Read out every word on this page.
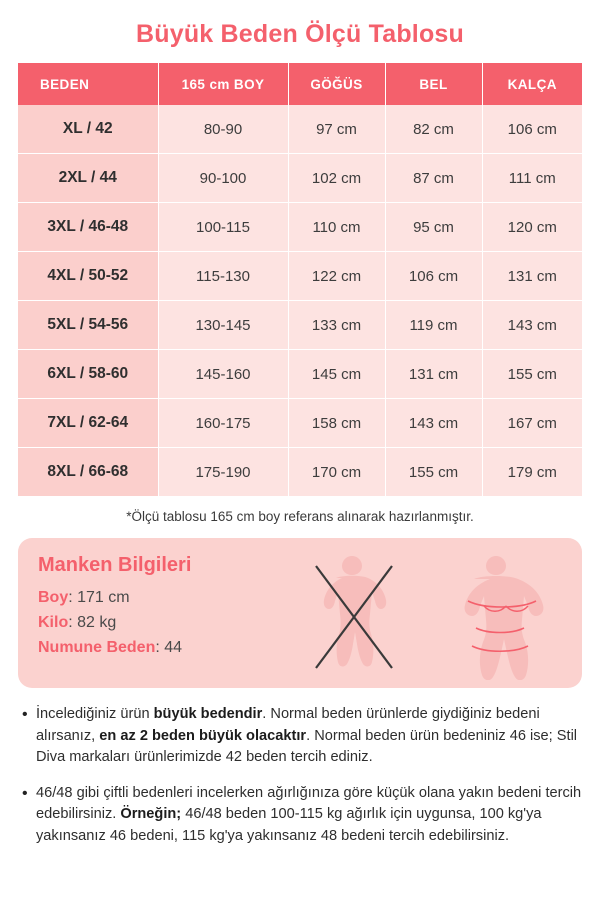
Büyük Beden Ölçü Tablosu
BEDEN	165 cm BOY	GÖĞÜS	BEL	KALÇA
XL / 42	80-90	97 cm	82 cm	106 cm
2XL / 44	90-100	102 cm	87 cm	111 cm
3XL / 46-48	100-115	110 cm	95 cm	120 cm
4XL / 50-52	115-130	122 cm	106 cm	131 cm
5XL / 54-56	130-145	133 cm	119 cm	143 cm
6XL / 58-60	145-160	145 cm	131 cm	155 cm
7XL / 62-64	160-175	158 cm	143 cm	167 cm
8XL / 66-68	175-190	170 cm	155 cm	179 cm
*Ölçü tablosu 165 cm boy referans alınarak hazırlanmıştır.
Manken Bilgileri
Boy: 171 cm
Kilo: 82 kg
Numune Beden: 44
• İncelediğiniz ürün büyük bedendir. Normal beden ürünlerde giydiğiniz bedeni alırsanız, en az 2 beden büyük olacaktır. Normal beden ürün bedeniniz 46 ise; Stil Diva markaları ürünlerimizde 42 beden tercih ediniz.
• 46/48 gibi çiftli bedenleri incelerken ağırlığınıza göre küçük olana yakın bedeni tercih edebilirsiniz. Örneğin; 46/48 beden 100-115 kg ağırlık için uygunsa, 100 kg'ya yakınsanız 46 bedeni, 115 kg'ya yakınsanız 48 bedeni tercih edebilirsiniz.
